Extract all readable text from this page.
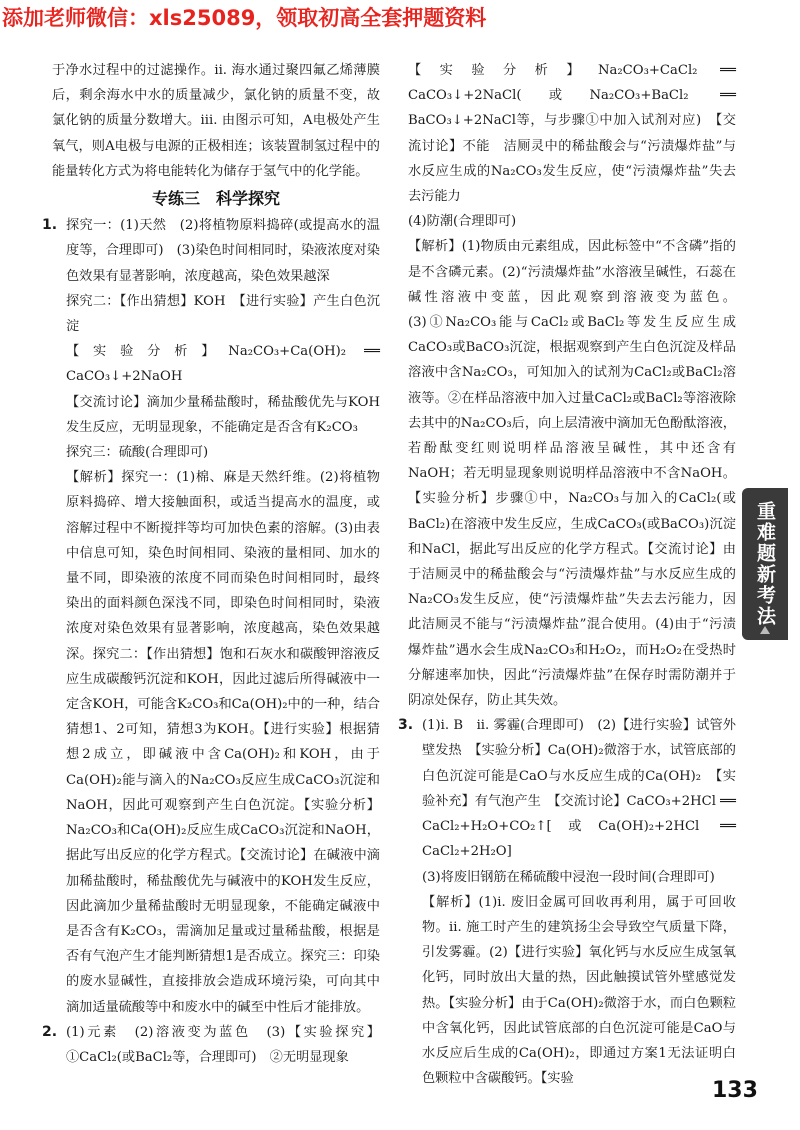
添加老师微信：xls25089，领取初高全套押题资料

于净水过程中的过滤操作。ii. 海水通过聚四氟乙烯薄膜后，剩余海水中水的质量减少，氯化钠的质量不变，故氯化钠的质量分数增大。iii. 由图示可知，A电极处产生氧气，则A电极与电源的正极相连；该装置制氢过程中的能量转化方式为将电能转化为储存于氢气中的化学能。

专练三　科学探究
1. 探究一：(1)天然　(2)将植物原料捣碎(或提高水的温度等，合理即可)　(3)染色时间相同时，染液浓度对染色效果有显著影响，浓度越高，染色效果越深

探究二：【作出猜想】KOH　【进行实验】产生白色沉淀

【实验分析】Na₂CO₃+Ca(OH)₂ ══ CaCO₃↓+2NaOH

【交流讨论】滴加少量稀盐酸时，稀盐酸优先与KOH发生反应，无明显现象，不能确定是否含有K₂CO₃

探究三：硫酸(合理即可)

【解析】探究一：(1)棉、麻是天然纤维。(2)将植物原料捣碎、增大接触面积，或适当提高水的温度，或溶解过程中不断搅拌等均可加快色素的溶解。(3)由表中信息可知，染色时间相同、染液的量相同、加水的量不同，即染液的浓度不同而染色时间相同时，最终染出的面料颜色深浅不同，即染色时间相同时，染液浓度对染色效果有显著影响，浓度越高，染色效果越深。探究二：【作出猜想】饱和石灰水和碳酸钾溶液反应生成碳酸钙沉淀和KOH，因此过滤后所得碱液中一定含KOH，可能含K₂CO₃和Ca(OH)₂中的一种，结合猜想1、2可知，猜想3为KOH。【进行实验】根据猜想2成立，即碱液中含Ca(OH)₂和KOH，由于Ca(OH)₂能与滴入的Na₂CO₃反应生成CaCO₃沉淀和NaOH，因此可观察到产生白色沉淀。【实验分析】Na₂CO₃和Ca(OH)₂反应生成CaCO₃沉淀和NaOH，据此写出反应的化学方程式。【交流讨论】在碱液中滴加稀盐酸时，稀盐酸优先与碱液中的KOH发生反应，因此滴加少量稀盐酸时无明显现象，不能确定碱液中是否含有K₂CO₃，需滴加足量或过量稀盐酸，根据是否有气泡产生才能判断猜想1是否成立。探究三：印染的废水显碱性，直接排放会造成环境污染，可向其中滴加适量硫酸等中和废水中的碱至中性后才能排放。

2. (1)元素　(2)溶液变为蓝色　(3)【实验探究】①CaCl₂(或BaCl₂等，合理即可)　②无明显现象

【实验分析】Na₂CO₃+CaCl₂ ══ CaCO₃↓+2NaCl(或Na₂CO₃+BaCl₂ ══ BaCO₃↓+2NaCl等，与步骤①中加入试剂对应)　【交流讨论】不能　洁厕灵中的稀盐酸会与“污渍爆炸盐”与水反应生成的Na₂CO₃发生反应，使“污渍爆炸盐”失去去污能力

(4)防潮(合理即可)

【解析】(1)物质由元素组成，因此标签中“不含磷”指的是不含磷元素。(2)“污渍爆炸盐”水溶液呈碱性，石蕊在碱性溶液中变蓝，因此观察到溶液变为蓝色。(3)①Na₂CO₃能与CaCl₂或BaCl₂等发生反应生成CaCO₃或BaCO₃沉淀，根据观察到产生白色沉淀及样品溶液中含Na₂CO₃，可知加入的试剂为CaCl₂或BaCl₂溶液等。②在样品溶液中加入过量CaCl₂或BaCl₂等溶液除去其中的Na₂CO₃后，向上层清液中滴加无色酚酞溶液，若酚酞变红则说明样品溶液呈碱性，其中还含有NaOH；若无明显现象则说明样品溶液中不含NaOH。【实验分析】步骤①中，Na₂CO₃与加入的CaCl₂(或BaCl₂)在溶液中发生反应，生成CaCO₃(或BaCO₃)沉淀和NaCl，据此写出反应的化学方程式。【交流讨论】由于洁厕灵中的稀盐酸会与“污渍爆炸盐”与水反应生成的Na₂CO₃发生反应，使“污渍爆炸盐”失去去污能力，因此洁厕灵不能与“污渍爆炸盐”混合使用。(4)由于“污渍爆炸盐”遇水会生成Na₂CO₃和H₂O₂，而H₂O₂在受热时分解速率加快，因此“污渍爆炸盐”在保存时需防潮并于阴凉处保存，防止其失效。

3. (1)i. B　ii. 雾霾(合理即可)　(2)【进行实验】试管外壁发热　【实验分析】Ca(OH)₂微溶于水，试管底部的白色沉淀可能是CaO与水反应生成的Ca(OH)₂　【实验补充】有气泡产生　【交流讨论】CaCO₃+2HCl ══ CaCl₂+H₂O+CO₂↑[或Ca(OH)₂+2HCl ══ CaCl₂+2H₂O]

(3)将废旧钢筋在稀硫酸中浸泡一段时间(合理即可)

【解析】(1)i. 废旧金属可回收再利用，属于可回收物。ii. 施工时产生的建筑扬尘会导致空气质量下降，引发雾霾。(2)【进行实验】氧化钙与水反应生成氢氧化钙，同时放出大量的热，因此触摸试管外壁感觉发热。【实验分析】由于Ca(OH)₂微溶于水，而白色颗粒中含氧化钙，因此试管底部的白色沉淀可能是CaO与水反应后生成的Ca(OH)₂，即通过方案1无法证明白色颗粒中含碳酸钙。【实验

重难题新考法
133
